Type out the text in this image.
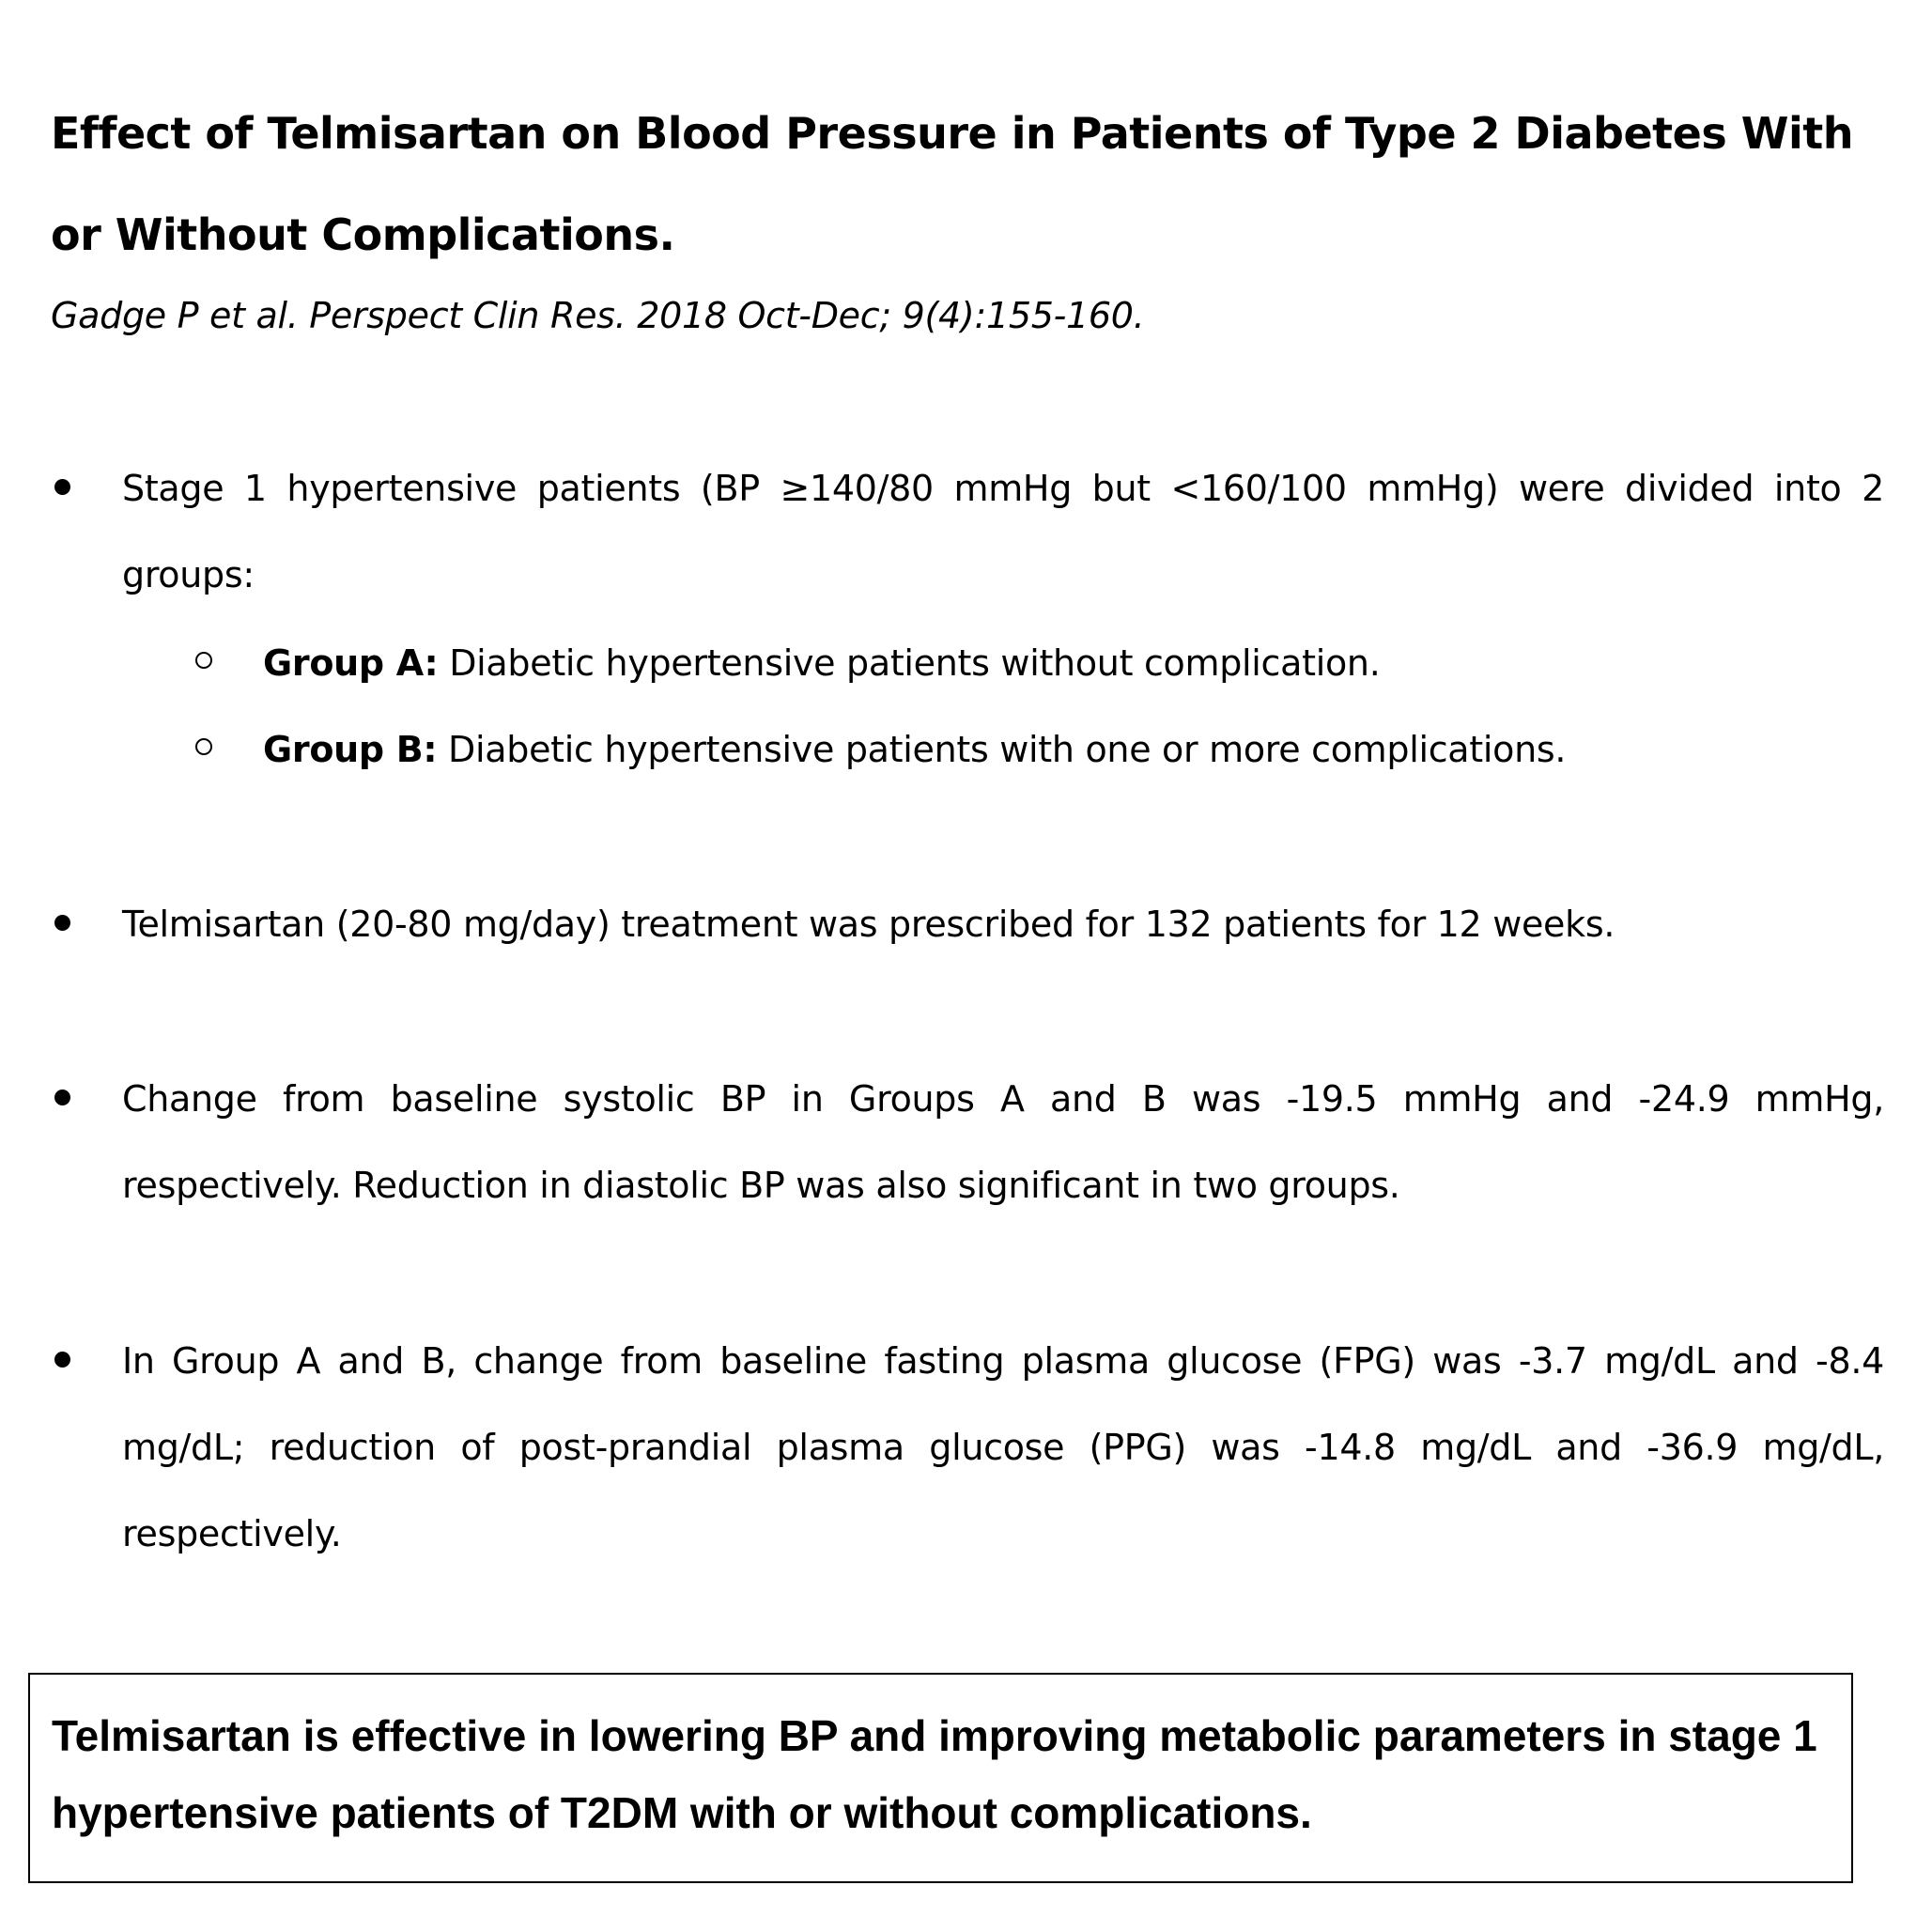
Effect of Telmisartan on Blood Pressure in Patients of Type 2 Diabetes With or Without Complications.

Gadge P et al. Perspect Clin Res. 2018 Oct-Dec; 9(4):155-160.

Stage 1 hypertensive patients (BP ≥140/80 mmHg but <160/100 mmHg) were divided into 2 groups:
Group A: Diabetic hypertensive patients without complication.
Group B: Diabetic hypertensive patients with one or more complications.
Telmisartan (20-80 mg/day) treatment was prescribed for 132 patients for 12 weeks.
Change from baseline systolic BP in Groups A and B was -19.5 mmHg and -24.9 mmHg, respectively. Reduction in diastolic BP was also significant in two groups.
In Group A and B, change from baseline fasting plasma glucose (FPG) was -3.7 mg/dL and -8.4 mg/dL; reduction of post-prandial plasma glucose (PPG) was -14.8 mg/dL and -36.9 mg/dL, respectively.

Telmisartan is effective in lowering BP and improving metabolic parameters in stage 1 hypertensive patients of T2DM with or without complications.
